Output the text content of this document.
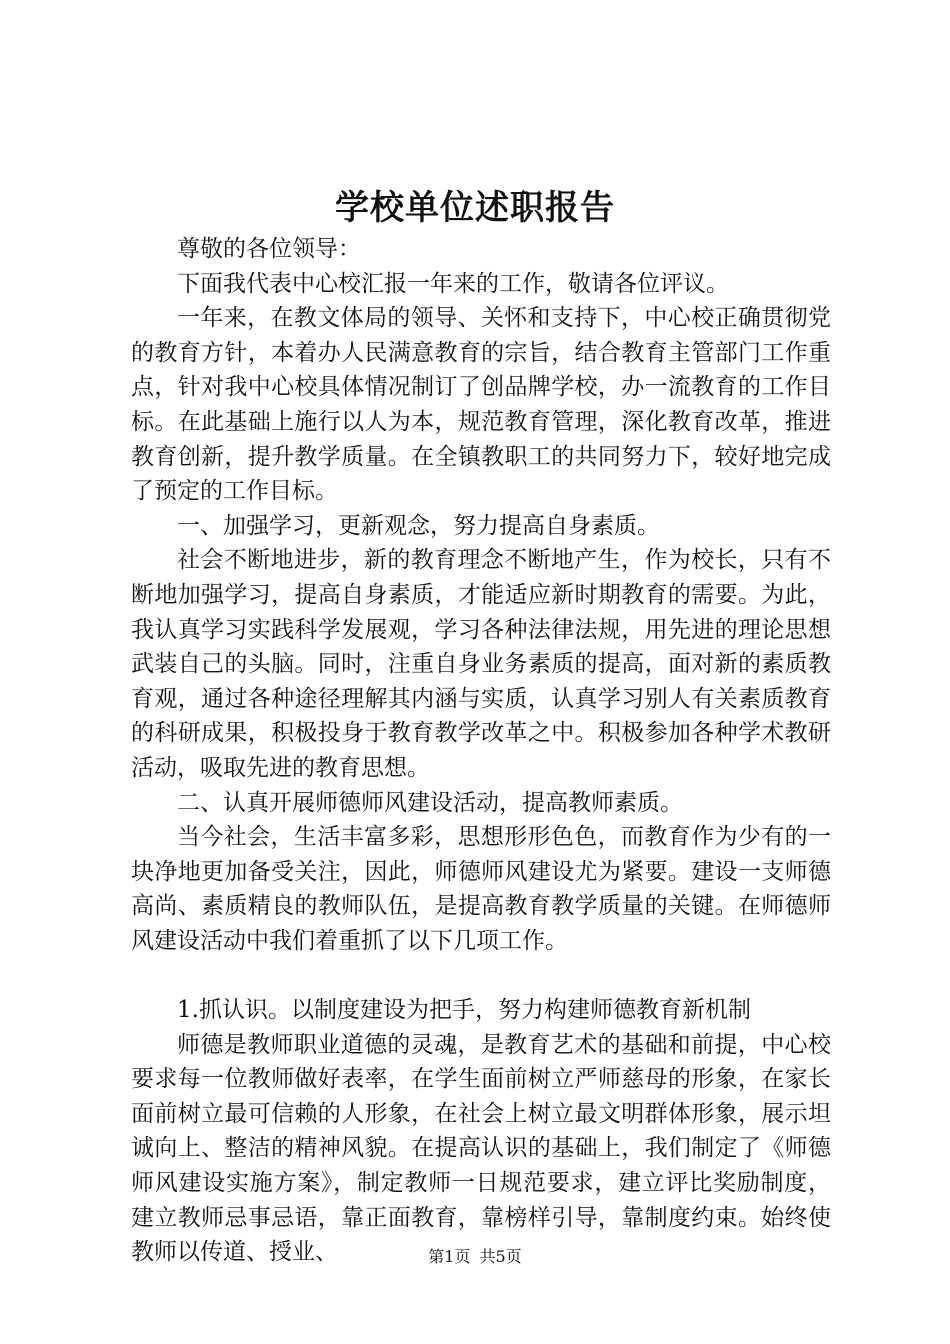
学校单位述职报告

尊敬的各位领导：

下面我代表中心校汇报一年来的工作，敬请各位评议。

一年来，在教文体局的领导、关怀和支持下，中心校正确贯彻党的教育方针，本着办人民满意教育的宗旨，结合教育主管部门工作重点，针对我中心校具体情况制订了创品牌学校，办一流教育的工作目标。在此基础上施行以人为本，规范教育管理，深化教育改革，推进教育创新，提升教学质量。在全镇教职工的共同努力下，较好地完成了预定的工作目标。

一、加强学习，更新观念，努力提高自身素质。

社会不断地进步，新的教育理念不断地产生，作为校长，只有不断地加强学习，提高自身素质，才能适应新时期教育的需要。为此，我认真学习实践科学发展观，学习各种法律法规，用先进的理论思想武装自己的头脑。同时，注重自身业务素质的提高，面对新的素质教育观，通过各种途径理解其内涵与实质，认真学习别人有关素质教育的科研成果，积极投身于教育教学改革之中。积极参加各种学术教研活动，吸取先进的教育思想。

二、认真开展师德师风建设活动，提高教师素质。

当今社会，生活丰富多彩，思想形形色色，而教育作为少有的一块净地更加备受关注，因此，师德师风建设尤为紧要。建设一支师德高尚、素质精良的教师队伍，是提高教育教学质量的关键。在师德师风建设活动中我们着重抓了以下几项工作。

1.抓认识。以制度建设为把手，努力构建师德教育新机制

师德是教师职业道德的灵魂，是教育艺术的基础和前提，中心校要求每一位教师做好表率，在学生面前树立严师慈母的形象，在家长面前树立最可信赖的人形象，在社会上树立最文明群体形象，展示坦诚向上、整洁的精神风貌。在提高认识的基础上，我们制定了《师德师风建设实施方案》，制定教师一日规范要求，建立评比奖励制度，建立教师忌事忌语，靠正面教育，靠榜样引导，靠制度约束。始终使教师以传道、授业、	第1页 共5页
